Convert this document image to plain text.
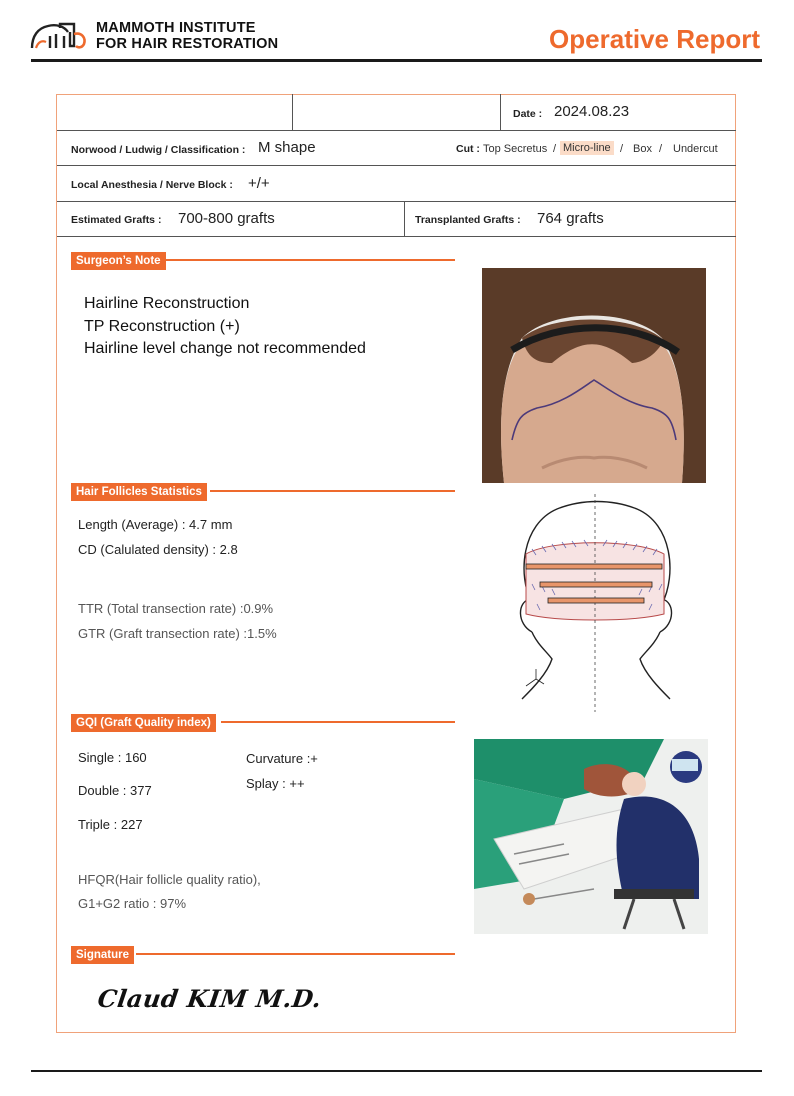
MAMMOTH INSTITUTE
FOR HAIR RESTORATION	Operative Report
Date : 2024.08.23
Norwood / Ludwig / Classification : M shape	Cut : Top Secretus / Micro-line / Box / Undercut
Local Anesthesia / Nerve Block : +/+
Estimated Grafts : 700-800 grafts	Transplanted Grafts : 764 grafts
Surgeon’s Note
Hairline Reconstruction
TP Reconstruction (+)
Hairline level change not recommended
Hair Follicles Statistics
Length (Average) : 4.7 mm
CD (Calulated density) : 2.8
TTR (Total transection rate) :0.9%
GTR (Graft transection rate) :1.5%
GQI (Graft Quality index)
Single : 160
Double : 377
Triple : 227
Curvature :+
Splay : ++
HFQR(Hair follicle quality ratio),
G1+G2 ratio : 97%
Signature
Claud KIM M.D.
